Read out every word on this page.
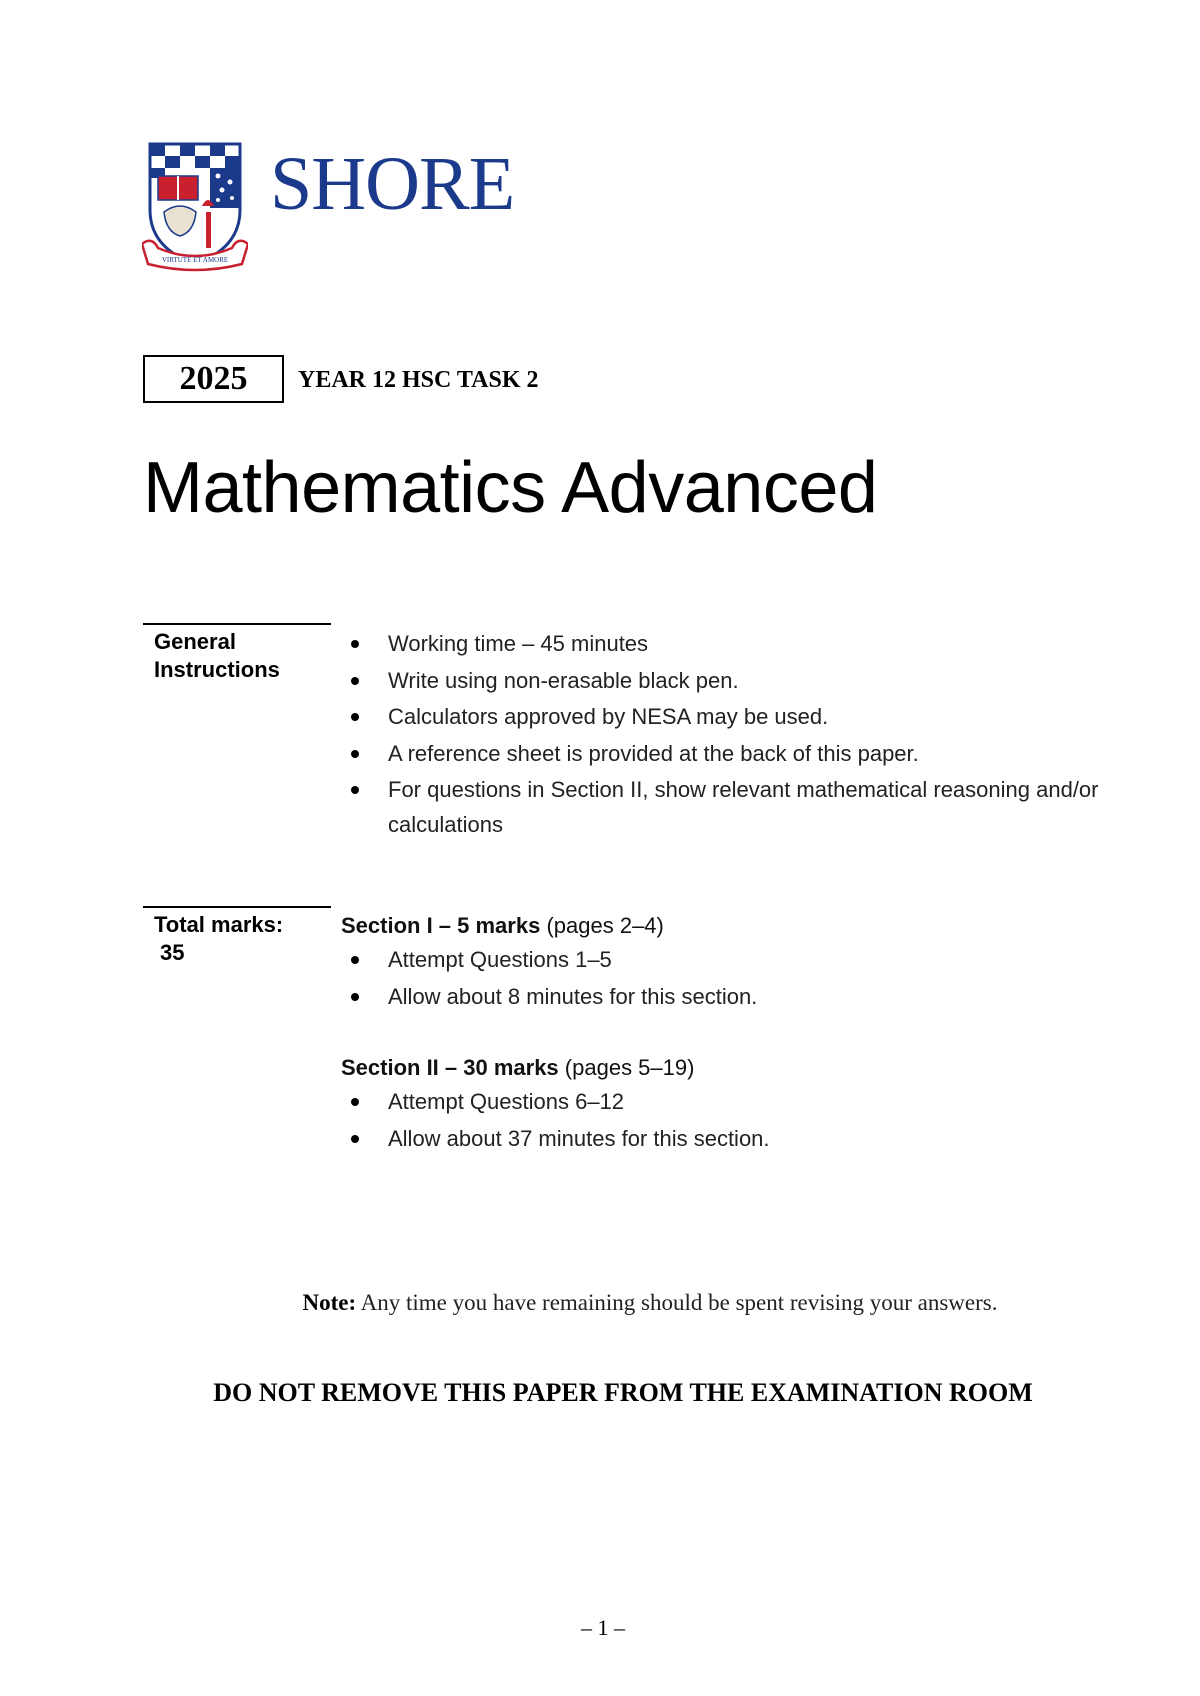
VIRTUTE ET AMORE
SHORE
2025	YEAR 12 HSC TASK 2
Mathematics Advanced
General
Instructions
Working time – 45 minutes
Write using non-erasable black pen.
Calculators approved by NESA may be used.
A reference sheet is provided at the back of this paper.
For questions in Section II, show relevant mathematical reasoning and/or calculations
Total marks:
35
Section I – 5 marks (pages 2–4)
Attempt Questions 1–5
Allow about 8 minutes for this section.
Section II – 30 marks (pages 5–19)
Attempt Questions 6–12
Allow about 37 minutes for this section.
Note: Any time you have remaining should be spent revising your answers.
DO NOT REMOVE THIS PAPER FROM THE EXAMINATION ROOM
– 1 –
